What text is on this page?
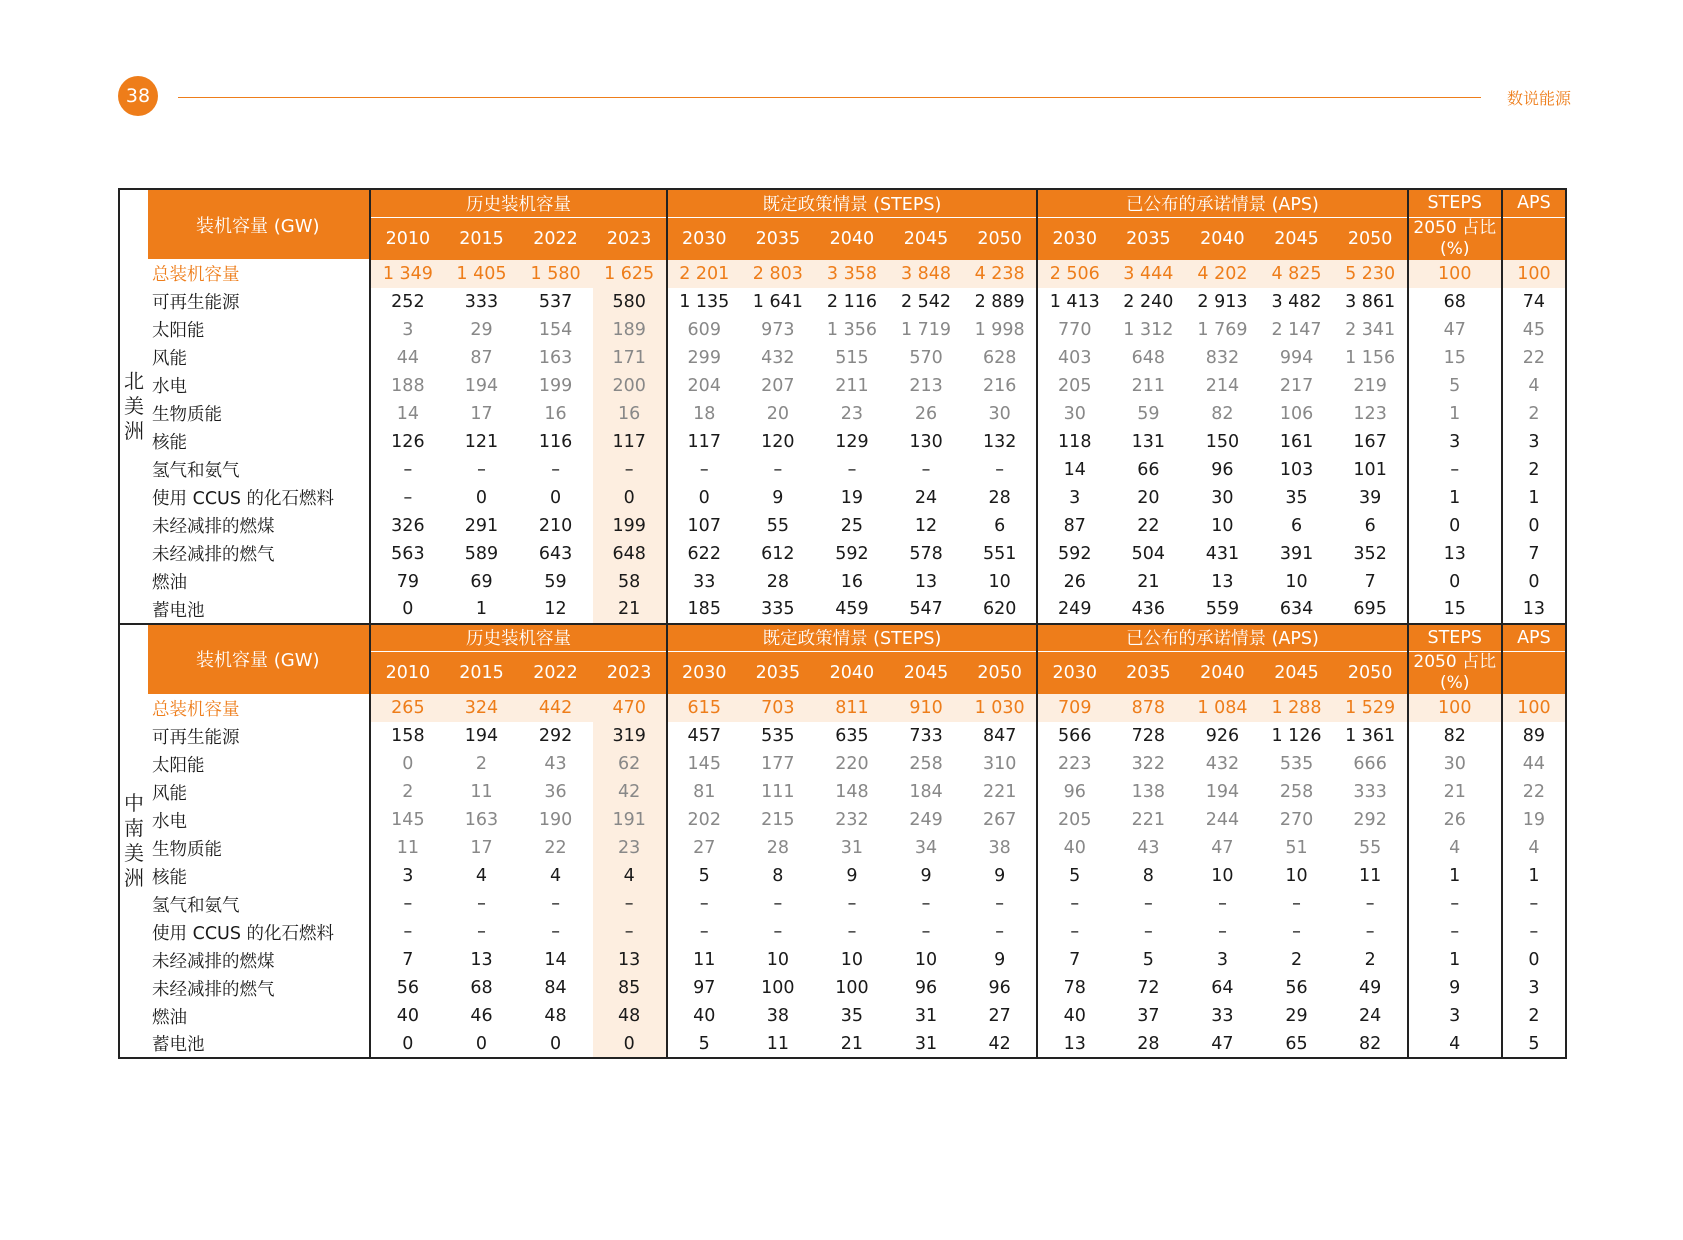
38	数说能源
北
美
洲	装机容量 (GW)	历史装机容量				既定政策情景 (STEPS)					已公布的承诺情景 (APS)					STEPS	APS
		2010	2015	2022	2023	2030	2035	2040	2045	2050	2030	2035	2040	2045	2050	2050 占比 (%)	
	总装机容量	1 349	1 405	1 580	1 625	2 201	2 803	3 358	3 848	4 238	2 506	3 444	4 202	4 825	5 230	100	100
	可再生能源	252	333	537	580	1 135	1 641	2 116	2 542	2 889	1 413	2 240	2 913	3 482	3 861	68	74
	太阳能	3	29	154	189	609	973	1 356	1 719	1 998	770	1 312	1 769	2 147	2 341	47	45
	风能	44	87	163	171	299	432	515	570	628	403	648	832	994	1 156	15	22
	水电	188	194	199	200	204	207	211	213	216	205	211	214	217	219	5	4
	生物质能	14	17	16	16	18	20	23	26	30	30	59	82	106	123	1	2
	核能	126	121	116	117	117	120	129	130	132	118	131	150	161	167	3	3
	氢气和氨气	–	–	–	–	–	–	–	–	–	14	66	96	103	101	–	2
	使用 CCUS 的化石燃料	–	0	0	0	0	9	19	24	28	3	20	30	35	39	1	1
	未经减排的燃煤	326	291	210	199	107	55	25	12	6	87	22	10	6	6	0	0
	未经减排的燃气	563	589	643	648	622	612	592	578	551	592	504	431	391	352	13	7
	燃油	79	69	59	58	33	28	16	13	10	26	21	13	10	7	0	0
	蓄电池	0	1	12	21	185	335	459	547	620	249	436	559	634	695	15	13

中
南
美
洲	装机容量 (GW)	历史装机容量				既定政策情景 (STEPS)					已公布的承诺情景 (APS)					STEPS	APS
		2010	2015	2022	2023	2030	2035	2040	2045	2050	2030	2035	2040	2045	2050	2050 占比 (%)	
	总装机容量	265	324	442	470	615	703	811	910	1 030	709	878	1 084	1 288	1 529	100	100
	可再生能源	158	194	292	319	457	535	635	733	847	566	728	926	1 126	1 361	82	89
	太阳能	0	2	43	62	145	177	220	258	310	223	322	432	535	666	30	44
	风能	2	11	36	42	81	111	148	184	221	96	138	194	258	333	21	22
	水电	145	163	190	191	202	215	232	249	267	205	221	244	270	292	26	19
	生物质能	11	17	22	23	27	28	31	34	38	40	43	47	51	55	4	4
	核能	3	4	4	4	5	8	9	9	9	5	8	10	10	11	1	1
	氢气和氨气	–	–	–	–	–	–	–	–	–	–	–	–	–	–	–	–
	使用 CCUS 的化石燃料	–	–	–	–	–	–	–	–	–	–	–	–	–	–	–	–
	未经减排的燃煤	7	13	14	13	11	10	10	10	9	7	5	3	2	2	1	0
	未经减排的燃气	56	68	84	85	97	100	100	96	96	78	72	64	56	49	9	3
	燃油	40	46	48	48	40	38	35	31	27	40	37	33	29	24	3	2
	蓄电池	0	0	0	0	5	11	21	31	42	13	28	47	65	82	4	5
